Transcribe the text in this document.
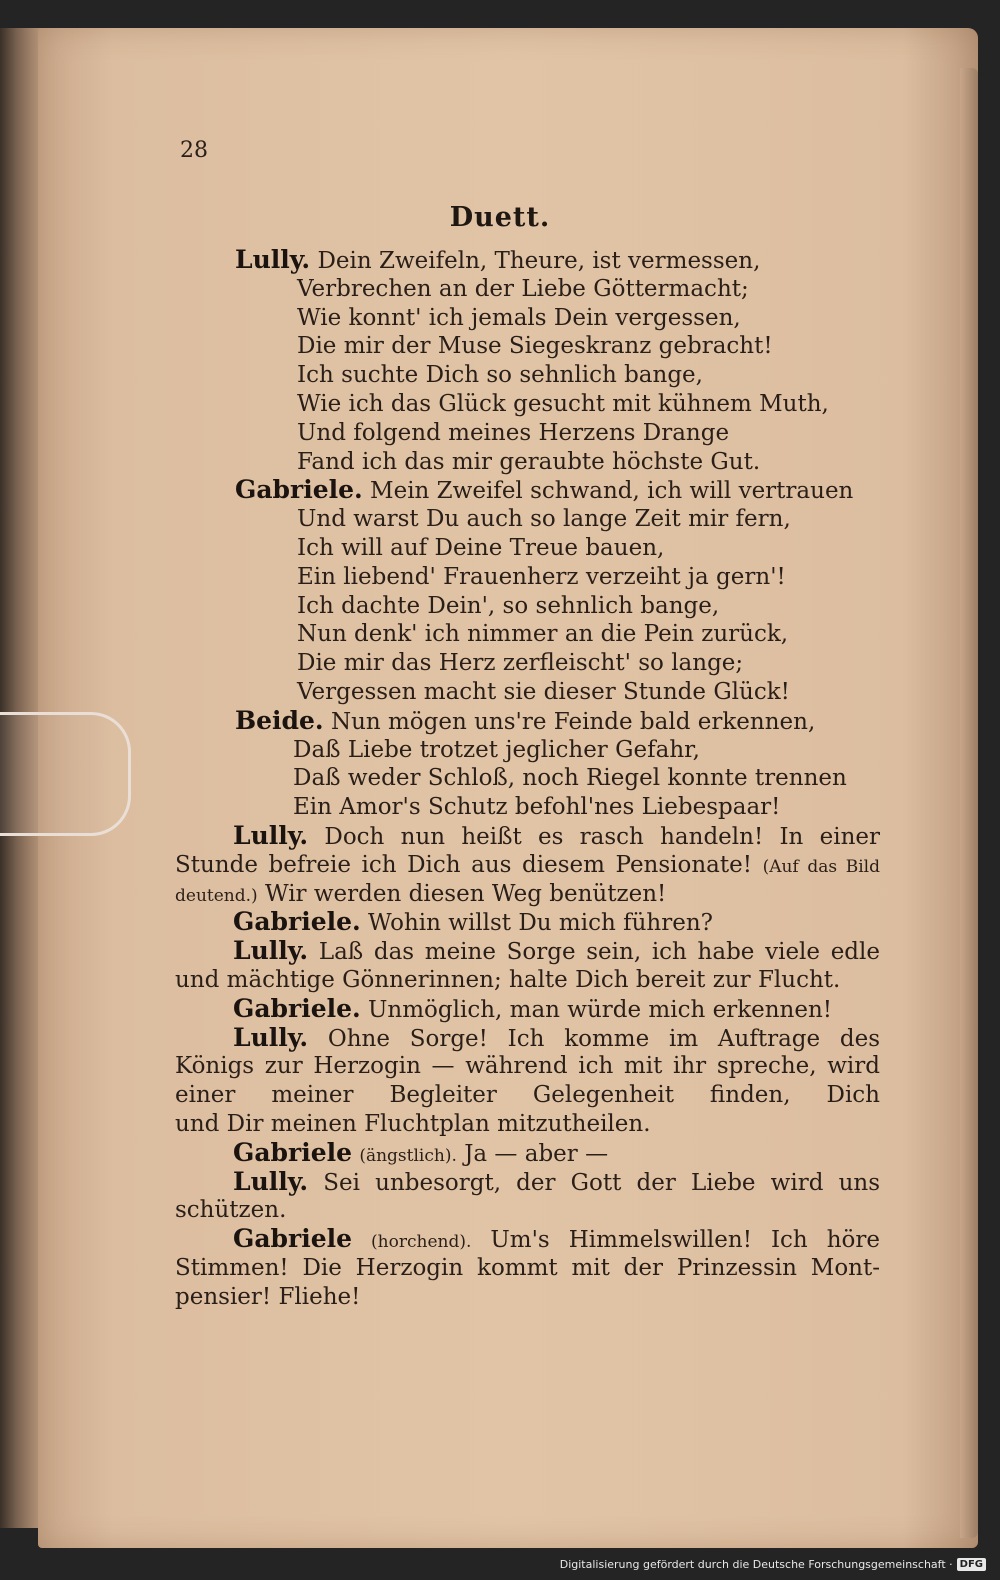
28
Duett.
Lully. Dein Zweifeln, Theure, ist vermessen,
Verbrechen an der Liebe Göttermacht;
Wie konnt' ich jemals Dein vergessen,
Die mir der Muse Siegeskranz gebracht!
Ich suchte Dich so sehnlich bange,
Wie ich das Glück gesucht mit kühnem Muth,
Und folgend meines Herzens Drange
Fand ich das mir geraubte höchste Gut.
Gabriele. Mein Zweifel schwand, ich will vertrauen
Und warst Du auch so lange Zeit mir fern,
Ich will auf Deine Treue bauen,
Ein liebend' Frauenherz verzeiht ja gern'!
Ich dachte Dein', so sehnlich bange,
Nun denk' ich nimmer an die Pein zurück,
Die mir das Herz zerfleischt' so lange;
Vergessen macht sie dieser Stunde Glück!
Beide. Nun mögen uns're Feinde bald erkennen,
Daß Liebe trotzet jeglicher Gefahr,
Daß weder Schloß, noch Riegel konnte trennen
Ein Amor's Schutz befohl'nes Liebespaar!
Lully. Doch nun heißt es rasch handeln! In einer
Stunde befreie ich Dich aus diesem Pensionate! (Auf das Bild
deutend.) Wir werden diesen Weg benützen!
Gabriele. Wohin willst Du mich führen?
Lully. Laß das meine Sorge sein, ich habe viele edle
und mächtige Gönnerinnen; halte Dich bereit zur Flucht.
Gabriele. Unmöglich, man würde mich erkennen!
Lully. Ohne Sorge! Ich komme im Auftrage des
Königs zur Herzogin — während ich mit ihr spreche, wird
einer meiner Begleiter Gelegenheit finden, Dich
und Dir meinen Fluchtplan mitzutheilen.
Gabriele (ängstlich). Ja — aber —
Lully. Sei unbesorgt, der Gott der Liebe wird uns
schützen.
Gabriele (horchend). Um's Himmelswillen! Ich höre
Stimmen! Die Herzogin kommt mit der Prinzessin Mont-
pensier! Fliehe!
Digitalisierung gefördert durch die Deutsche Forschungsgemeinschaft · DFG
